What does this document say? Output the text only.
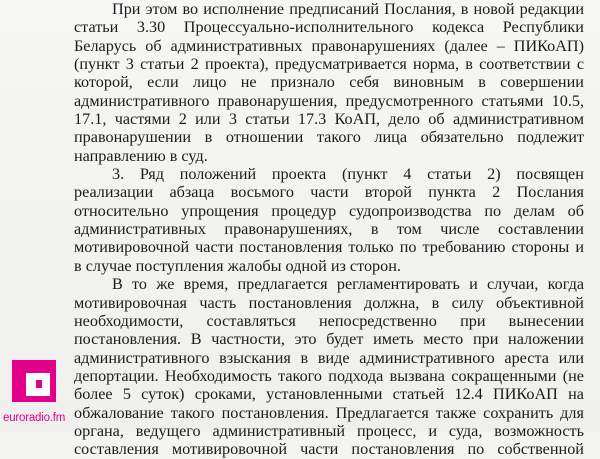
При этом во исполнение предписаний Послания, в новой редакции
статьи 3.30 Процессуально-исполнительного кодекса Республики
Беларусь об административных правонарушениях (далее – ПИКоАП)
(пункт 3 статьи 2 проекта), предусматривается норма, в соответствии с
которой, если лицо не признало себя виновным в совершении
административного правонарушения, предусмотренного статьями 10.5,
17.1, частями 2 или 3 статьи 17.3 КоАП, дело об административном
правонарушении в отношении такого лица обязательно подлежит
направлению в суд.
3. Ряд положений проекта (пункт 4 статьи 2) посвящен
реализации абзаца восьмого части второй пункта 2 Послания
относительно упрощения процедур судопроизводства по делам об
административных правонарушениях, в том числе составлении
мотивировочной части постановления только по требованию стороны и
в случае поступления жалобы одной из сторон.
В то же время, предлагается регламентировать и случаи, когда
мотивировочная часть постановления должна, в силу объективной
необходимости, составляться непосредственно при вынесении
постановления. В частности, это будет иметь место при наложении
административного взыскания в виде административного ареста или
депортации. Необходимость такого подхода вызвана сокращенными (не
более 5 суток) сроками, установленными статьей 12.4 ПИКоАП на
обжалование такого постановления. Предлагается также сохранить для
органа, ведущего административный процесс, и суда, возможность
составления мотивировочной части постановления по собственной
euroradio.fm
